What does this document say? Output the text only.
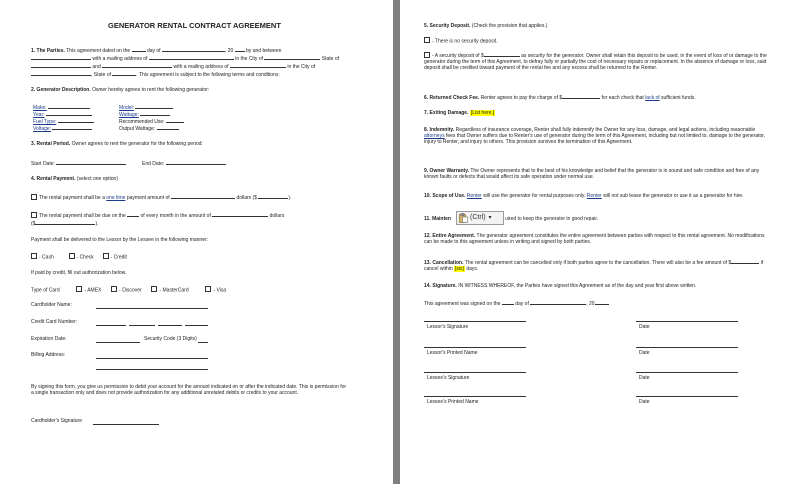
GENERATOR RENTAL CONTRACT AGREEMENT
1. The Parties. This agreement dated on the	day of	, 20	by and between
with a mailing address of	in the City of	State of
and	with a mailing address of	in the City of
, State of	. This agreement is subject to the following terms and conditions:
2. Generator Description. Owner hereby agrees to rent the following generator:
Make:	Model:
Year:	Wattage:
Fuel Type:	Recommended Use:
Voltage:	Output Wattage:
3. Rental Period. Owner agrees to rent the generator for the following period:
Start Date:	End Date:
4. Rental Payment. (select one option)
The rental payment shall be a one time payment amount of	dollars ($	).
The rental payment shall be due on the	of every month in the amount of	dollars
($	).
Payment shall be delivered to the Lessor by the Lessee in the following manner:
- Cash	- Check	- Credit
If paid by credit, fill out authorization below.
Type of Card	- AMEX	- Discover	- MasterCard	- Visa
Cardholder Name:
Credit Card Number:
Expiration Date:	Security Code (3 Digits)
Billing Address:
By signing this form, you give us permission to debit your account for the amount indicated on or after the indicated date. This is permission for a single transaction only and does not provide authorization for any additional unrelated debits or credits to your account.
Cardholder's Signature
5. Security Deposit. (Check the provision that applies.)
- There is no security deposit.
- A security deposit of $	as security for the generator. Owner shall retain this deposit to be used, in the event of loss of or damage to the generator during the term of this Agreement, to defray fully or partially the cost of necessary repairs or replacement. In the absence of damage or loss, said deposit shall be credited toward payment of the rental fee and any excess shall be returned to the Renter.
6. Returned Check Fee. Renter agrees to pay the charge of $	for each check that lack of sufficient funds.
7. Exiting Damage. [List here.]
8. Indemnity. Regardless of insurance coverage, Renter shall fully indemnify the Owner for any loss, damage, and legal actions, including reasonable attorneys fees that Owner suffers due to Renter's use of generator during the term of this Agreement, including but not limited to, damage to the generator, injury to Renter, and injury to others. This provision survives the termination of this Agreement.
9. Owner Warranty. The Owner represents that to the best of his knowledge and belief that the generator is in sound and safe condition and free of any known faults or defects that would affect its safe operation under normal use.
10. Scope of Use. Renter will use the generator for rental purposes only. Renter will not sub lease the generator or use it as a generator for hire.
11. Mainten	uired to keep the generator in good repair.
12. Entire Agreement. The generator agreement constitutes the entire agreement between parties with respect to this rental agreement. No modifications can be made to this agreement unless in writing and signed by both parties.
13. Cancellation. The rental agreement can be cancelled only if both parties agree to the cancellation. There will also be a fee amount of $	if cancel within [six] days.
14. Signature. IN WITNESS WHEREOF, the Parties have signed this Agreement as of the day and year first above written.
This agreement was signed on the	day of	, 20
Lessor's Signature	Date
Lessor's Printed Name	Date
Lessee's Signature	Date
Lessee's Printed Name	Date
(Ctrl) ▾
